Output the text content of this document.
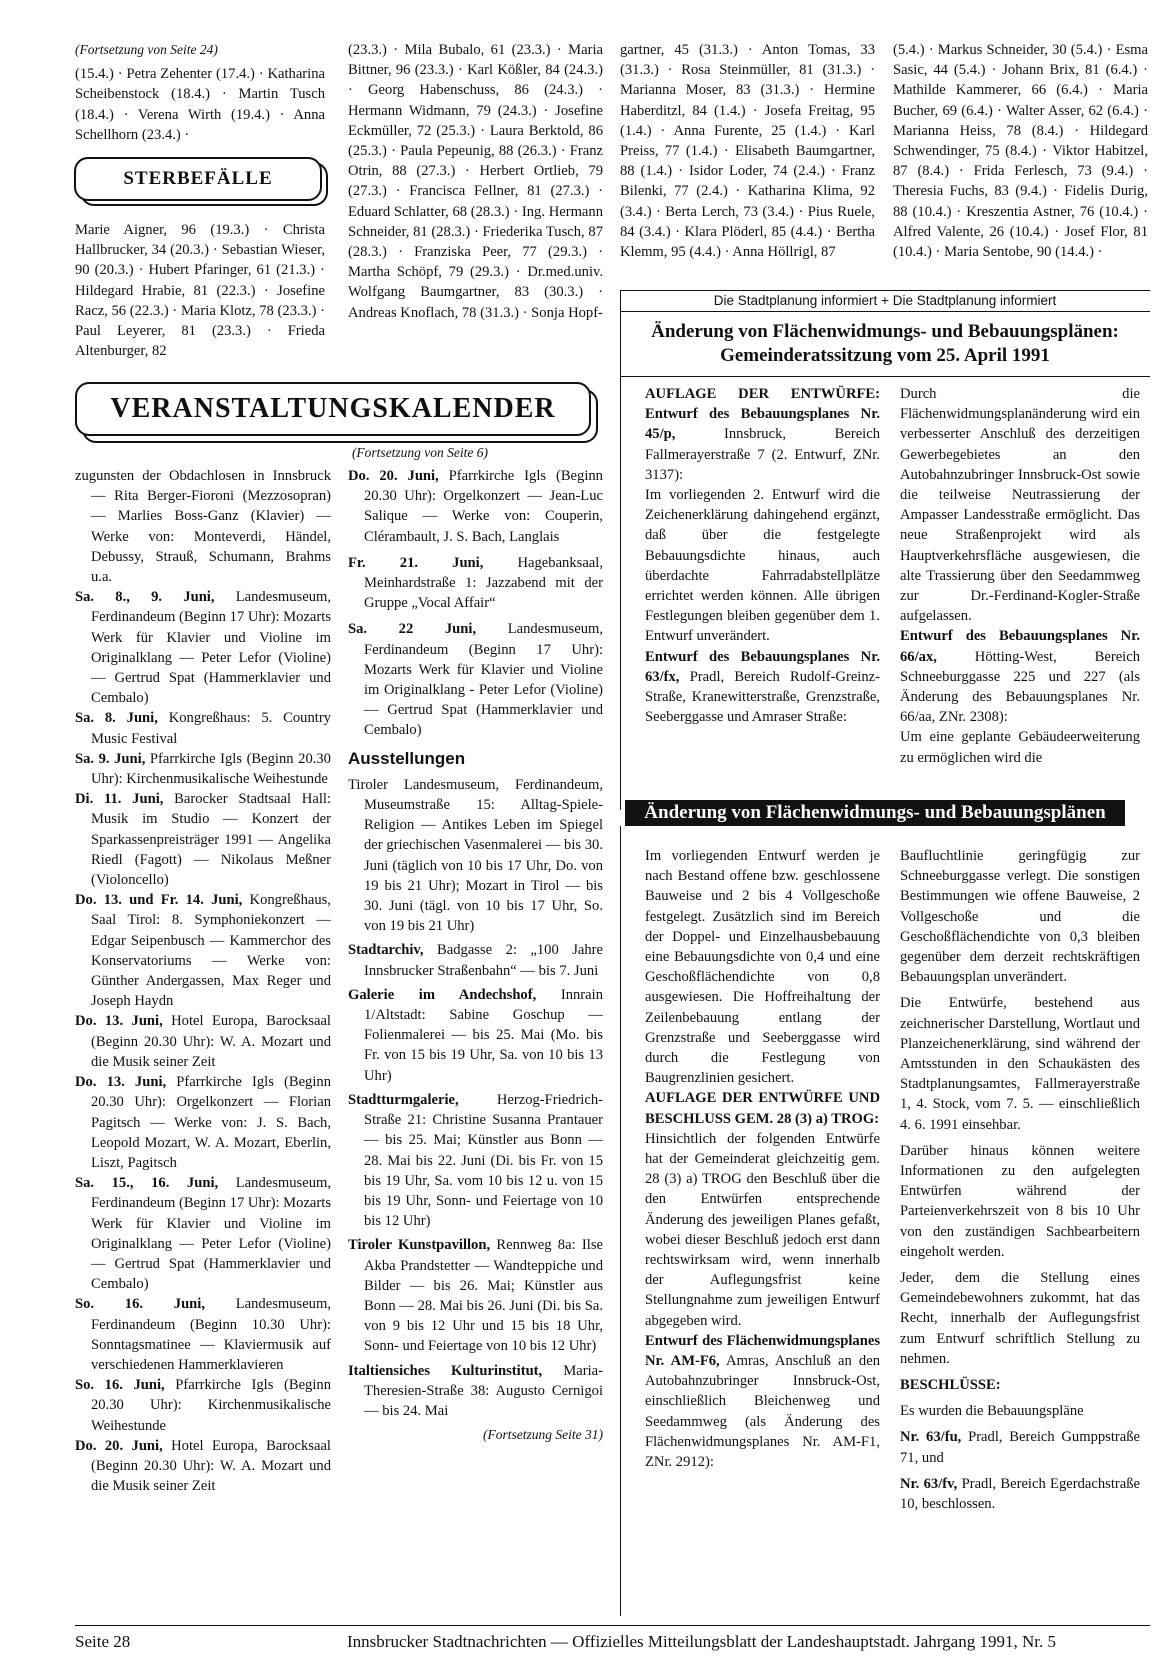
(Fortsetzung von Seite 24)

(15.4.) · Petra Zehenter (17.4.) · Katharina Scheibenstock (18.4.) · Martin Tusch (18.4.) · Verena Wirth (19.4.) · Anna Schellhorn (23.4.) ·

STERBEFÄLLE

Marie Aigner, 96 (19.3.) · Christa Hallbrucker, 34 (20.3.) · Sebastian Wieser, 90 (20.3.) · Hubert Pfaringer, 61 (21.3.) · Hildegard Hrabie, 81 (22.3.) · Josefine Racz, 56 (22.3.) · Maria Klotz, 78 (23.3.) · Paul Leyerer, 81 (23.3.) · Frieda Altenburger, 82

(23.3.) · Mila Bubalo, 61 (23.3.) · Maria Bittner, 96 (23.3.) · Karl Kößler, 84 (24.3.) · Georg Habenschuss, 86 (24.3.) · Hermann Widmann, 79 (24.3.) · Josefine Eckmüller, 72 (25.3.) · Laura Berktold, 86 (25.3.) · Paula Pepeunig, 88 (26.3.) · Franz Otrin, 88 (27.3.) · Herbert Ortlieb, 79 (27.3.) · Francisca Fellner, 81 (27.3.) · Eduard Schlatter, 68 (28.3.) · Ing. Hermann Schneider, 81 (28.3.) · Friederika Tusch, 87 (28.3.) · Franziska Peer, 77 (29.3.) · Martha Schöpf, 79 (29.3.) · Dr.med.univ. Wolfgang Baumgartner, 83 (30.3.) · Andreas Knoflach, 78 (31.3.) · Sonja Hopf-

gartner, 45 (31.3.) · Anton Tomas, 33 (31.3.) · Rosa Steinmüller, 81 (31.3.) · Marianna Moser, 83 (31.3.) · Hermine Haberditzl, 84 (1.4.) · Josefa Freitag, 95 (1.4.) · Anna Furente, 25 (1.4.) · Karl Preiss, 77 (1.4.) · Elisabeth Baumgartner, 88 (1.4.) · Isidor Loder, 74 (2.4.) · Franz Bilenki, 77 (2.4.) · Katharina Klima, 92 (3.4.) · Berta Lerch, 73 (3.4.) · Pius Ruele, 84 (3.4.) · Klara Plöderl, 85 (4.4.) · Bertha Klemm, 95 (4.4.) · Anna Höllrigl, 87

(5.4.) · Markus Schneider, 30 (5.4.) · Esma Sasic, 44 (5.4.) · Johann Brix, 81 (6.4.) · Mathilde Kammerer, 66 (6.4.) · Maria Bucher, 69 (6.4.) · Walter Asser, 62 (6.4.) · Marianna Heiss, 78 (8.4.) · Hildegard Schwendinger, 75 (8.4.) · Viktor Habitzel, 87 (8.4.) · Frida Ferlesch, 73 (9.4.) · Theresia Fuchs, 83 (9.4.) · Fidelis Durig, 88 (10.4.) · Kreszentia Astner, 76 (10.4.) · Alfred Valente, 26 (10.4.) · Josef Flor, 81 (10.4.) · Maria Sentobe, 90 (14.4.) ·

VERANSTALTUNGSKALENDER
(Fortsetzung von Seite 6)

zugunsten der Obdachlosen in Innsbruck — Rita Berger-Fioroni (Mezzosopran) — Marlies Boss-Ganz (Klavier) — Werke von: Monteverdi, Händel, Debussy, Strauß, Schumann, Brahms u.a.

Sa. 8., 9. Juni, Landesmuseum, Ferdinandeum (Beginn 17 Uhr): Mozarts Werk für Klavier und Violine im Originalklang — Peter Lefor (Violine) — Gertrud Spat (Hammerklavier und Cembalo)

Sa. 8. Juni, Kongreßhaus: 5. Country Music Festival

Sa. 9. Juni, Pfarrkirche Igls (Beginn 20.30 Uhr): Kirchenmusikalische Weihestunde

Di. 11. Juni, Barocker Stadtsaal Hall: Musik im Studio — Konzert der Sparkassenpreisträger 1991 — Angelika Riedl (Fagott) — Nikolaus Meßner (Violoncello)

Do. 13. und Fr. 14. Juni, Kongreßhaus, Saal Tirol: 8. Symphoniekonzert — Edgar Seipenbusch — Kammerchor des Konservatoriums — Werke von: Günther Andergassen, Max Reger und Joseph Haydn

Do. 13. Juni, Hotel Europa, Barocksaal (Beginn 20.30 Uhr): W. A. Mozart und die Musik seiner Zeit

Do. 13. Juni, Pfarrkirche Igls (Beginn 20.30 Uhr): Orgelkonzert — Florian Pagitsch — Werke von: J. S. Bach, Leopold Mozart, W. A. Mozart, Eberlin, Liszt, Pagitsch

Sa. 15., 16. Juni, Landesmuseum, Ferdinandeum (Beginn 17 Uhr): Mozarts Werk für Klavier und Violine im Originalklang — Peter Lefor (Violine) — Gertrud Spat (Hammerklavier und Cembalo)

So. 16. Juni, Landesmuseum, Ferdinandeum (Beginn 10.30 Uhr): Sonntagsmatinee — Klaviermusik auf verschiedenen Hammerklavieren

So. 16. Juni, Pfarrkirche Igls (Beginn 20.30 Uhr): Kirchenmusikalische Weihestunde

Do. 20. Juni, Hotel Europa, Barocksaal (Beginn 20.30 Uhr): W. A. Mozart und die Musik seiner Zeit

Do. 20. Juni, Pfarrkirche Igls (Beginn 20.30 Uhr): Orgelkonzert — Jean-Luc Salique — Werke von: Couperin, Clérambault, J. S. Bach, Langlais

Fr. 21. Juni, Hagebanksaal, Meinhardstraße 1: Jazzabend mit der Gruppe „Vocal Affair“

Sa. 22 Juni, Landesmuseum, Ferdinandeum (Beginn 17 Uhr): Mozarts Werk für Klavier und Violine im Originalklang - Peter Lefor (Violine) — Gertrud Spat (Hammerklavier und Cembalo)

Ausstellungen

Tiroler Landesmuseum, Ferdinandeum, Museumstraße 15: Alltag-Spiele-Religion — Antikes Leben im Spiegel der griechischen Vasenmalerei — bis 30. Juni (täglich von 10 bis 17 Uhr, Do. von 19 bis 21 Uhr); Mozart in Tirol — bis 30. Juni (tägl. von 10 bis 17 Uhr, So. von 19 bis 21 Uhr)

Stadtarchiv, Badgasse 2: „100 Jahre Innsbrucker Straßenbahn“ — bis 7. Juni

Galerie im Andechshof, Innrain 1/Altstadt: Sabine Goschup — Folienmalerei — bis 25. Mai (Mo. bis Fr. von 15 bis 19 Uhr, Sa. von 10 bis 13 Uhr)

Stadtturmgalerie, Herzog-Friedrich-Straße 21: Christine Susanna Prantauer — bis 25. Mai; Künstler aus Bonn — 28. Mai bis 22. Juni (Di. bis Fr. von 15 bis 19 Uhr, Sa. vom 10 bis 12 u. von 15 bis 19 Uhr, Sonn- und Feiertage von 10 bis 12 Uhr)

Tiroler Kunstpavillon, Rennweg 8a: Ilse Akba Prandstetter — Wandteppiche und Bilder — bis 26. Mai; Künstler aus Bonn — 28. Mai bis 26. Juni (Di. bis Sa. von 9 bis 12 Uhr und 15 bis 18 Uhr, Sonn- und Feiertage von 10 bis 12 Uhr)

Italtiensiches Kulturinstitut, Maria-Theresien-Straße 38: Augusto Cernigoi — bis 24. Mai

(Fortsetzung Seite 31)

Die Stadtplanung informiert + Die Stadtplanung informiert
Änderung von Flächenwidmungs- und Bebauungsplänen:
Gemeinderatssitzung vom 25. April 1991

AUFLAGE DER ENTWÜRFE: Entwurf des Bebauungsplanes Nr. 45/p, Innsbruck, Bereich Fallmerayerstraße 7 (2. Entwurf, ZNr. 3137):

Im vorliegenden 2. Entwurf wird die Zeichenerklärung dahingehend ergänzt, daß über die festgelegte Bebauungsdichte hinaus, auch überdachte Fahrradabstellplätze errichtet werden können. Alle übrigen Festlegungen bleiben gegenüber dem 1. Entwurf unverändert.

Entwurf des Bebauungsplanes Nr. 63/fx, Pradl, Bereich Rudolf-Greinz-Straße, Kranewitterstraße, Grenzstraße, Seeberggasse und Amraser Straße:

Durch die Flächenwidmungsplanänderung wird ein verbesserter Anschluß des derzeitigen Gewerbegebietes an den Autobahnzubringer Innsbruck-Ost sowie die teilweise Neutrassierung der Ampasser Landesstraße ermöglicht. Das neue Straßenprojekt wird als Hauptverkehrsfläche ausgewiesen, die alte Trassierung über den Seedammweg zur Dr.-Ferdinand-Kogler-Straße aufgelassen.

Entwurf des Bebauungsplanes Nr. 66/ax, Hötting-West, Bereich Schneeburggasse 225 und 227 (als Änderung des Bebauungsplanes Nr. 66/aa, ZNr. 2308):

Um eine geplante Gebäudeerweiterung zu ermöglichen wird die

Änderung von Flächenwidmungs- und Bebauungsplänen

Im vorliegenden Entwurf werden je nach Bestand offene bzw. geschlossene Bauweise und 2 bis 4 Vollgeschoße festgelegt. Zusätzlich sind im Bereich der Doppel- und Einzelhausbebauung eine Bebauungsdichte von 0,4 und eine Geschoßflächendichte von 0,8 ausgewiesen. Die Hoffreihaltung der Zeilenbebauung entlang der Grenzstraße und Seeberggasse wird durch die Festlegung von Baugrenzlinien gesichert.

AUFLAGE DER ENTWÜRFE UND BESCHLUSS GEM. 28 (3) a) TROG:

Hinsichtlich der folgenden Entwürfe hat der Gemeinderat gleichzeitig gem. 28 (3) a) TROG den Beschluß über die den Entwürfen entsprechende Änderung des jeweiligen Planes gefaßt, wobei dieser Beschluß jedoch erst dann rechtswirksam wird, wenn innerhalb der Auflegungsfrist keine Stellungnahme zum jeweiligen Entwurf abgegeben wird.

Entwurf des Flächenwidmungsplanes Nr. AM-F6, Amras, Anschluß an den Autobahnzubringer Innsbruck-Ost, einschließlich Bleichenweg und Seedammweg (als Änderung des Flächenwidmungsplanes Nr. AM-F1, ZNr. 2912):

Baufluchtlinie geringfügig zur Schneeburggasse verlegt. Die sonstigen Bestimmungen wie offene Bauweise, 2 Vollgeschoße und die Geschoßflächendichte von 0,3 bleiben gegenüber dem derzeit rechtskräftigen Bebauungsplan unverändert.

Die Entwürfe, bestehend aus zeichnerischer Darstellung, Wortlaut und Planzeichenerklärung, sind während der Amtsstunden in den Schaukästen des Stadtplanungsamtes, Fallmerayerstraße 1, 4. Stock, vom 7. 5. — einschließlich 4. 6. 1991 einsehbar.

Darüber hinaus können weitere Informationen zu den aufgelegten Entwürfen während der Parteienverkehrszeit von 8 bis 10 Uhr von den zuständigen Sachbearbeitern eingeholt werden.

Jeder, dem die Stellung eines Gemeindebewohners zukommt, hat das Recht, innerhalb der Auflegungsfrist zum Entwurf schriftlich Stellung zu nehmen.

BESCHLÜSSE:

Es wurden die Bebauungspläne

Nr. 63/fu, Pradl, Bereich Gumppstraße 71, und

Nr. 63/fv, Pradl, Bereich Egerdachstraße 10, beschlossen.

Seite 28	Innsbrucker Stadtnachrichten — Offizielles Mitteilungsblatt der Landeshauptstadt. Jahrgang 1991, Nr. 5
